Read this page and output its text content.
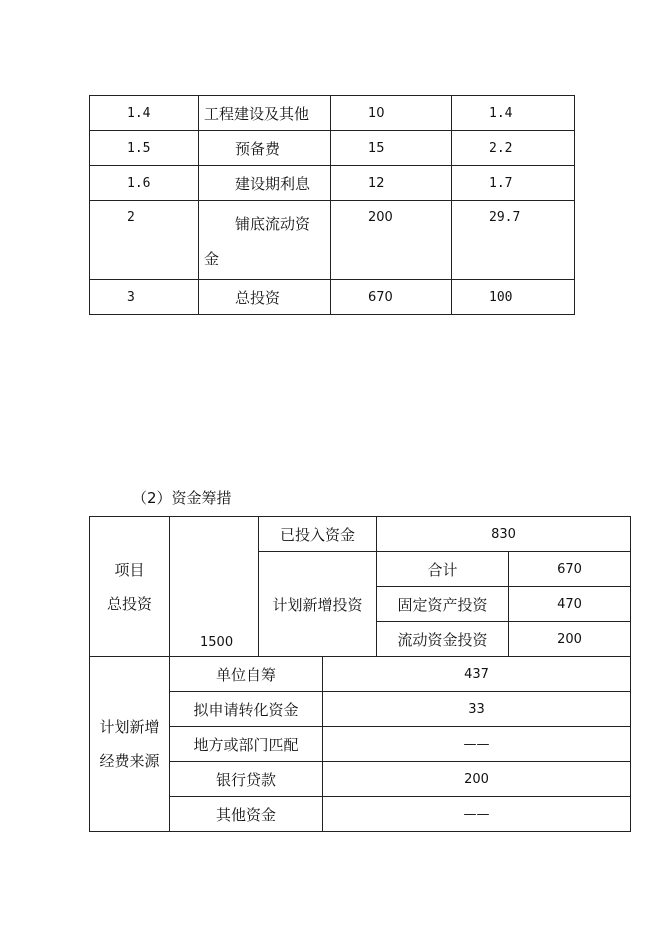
1.4	工程建设及其他	10	1.4
1.5	预备费	15	2.2
1.6	建设期利息	12	1.7
2	铺底流动资
金	200	29.7
3	总投资	670	100
（2）资金筹措
项目
总投资	1500	已投入资金		830	
		计划新增投资		合计	670
				固定资产投资	470
				流动资金投资	200

计划新增
经费来源	单位自筹		437		
	拟申请转化资金		33		
	地方或部门匹配		——		
	银行贷款		200		
	其他资金		——		
